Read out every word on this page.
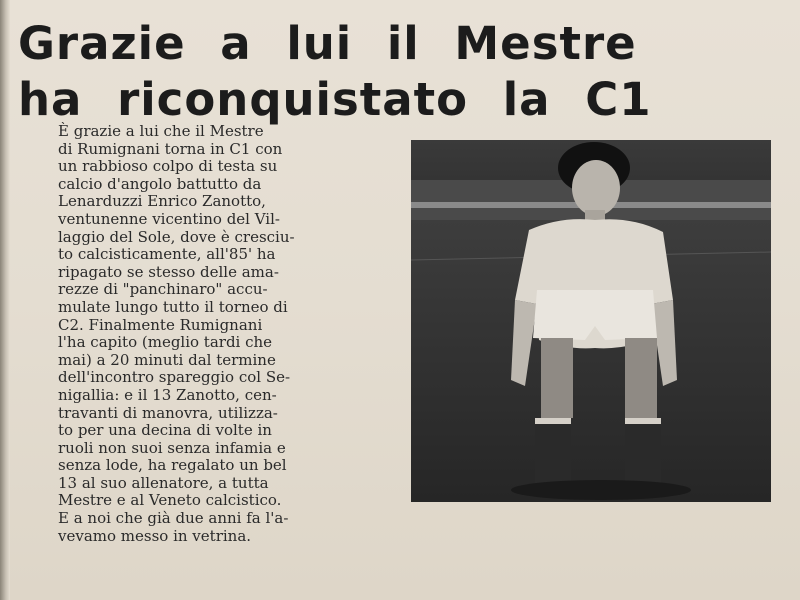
Grazie a lui il Mestre
ha riconquistato la C1

È grazie a lui che il Mestre
di Rumignani torna in C1 con
un rabbioso colpo di testa su
calcio d'angolo battutto da
Lenarduzzi Enrico Zanotto,
ventunenne vicentino del Vil-
laggio del Sole, dove è cresciu-
to calcisticamente, all'85' ha
ripagato se stesso delle ama-
rezze di "panchinaro" accu-
mulate lungo tutto il torneo di
C2. Finalmente Rumignani
l'ha capito (meglio tardi che
mai) a 20 minuti dal termine
dell'incontro spareggio col Se-
nigallia: e il 13 Zanotto, cen-
travanti di manovra, utilizza-
to per una decina di volte in
ruoli non suoi senza infamia e
senza lode, ha regalato un bel
13 al suo allenatore, a tutta
Mestre e al Veneto calcistico.
E a noi che già due anni fa l'a-
vevamo messo in vetrina.
